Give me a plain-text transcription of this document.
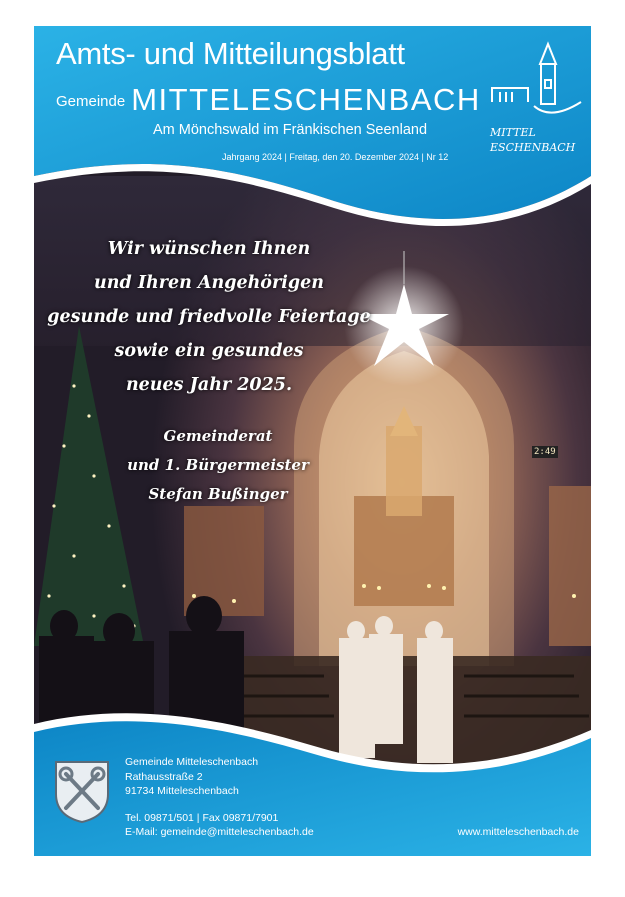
Amts- und Mitteilungsblatt
Gemeinde MITTELESCHENBACH
Am Mönchswald im Fränkischen Seenland
Jahrgang 2024 | Freitag, den 20. Dezember 2024 | Nr 12
MITTEL
ESCHENBACH
Wir wünschen Ihnen
und Ihren Angehörigen
gesunde und friedvolle Feiertage
sowie ein gesundes
neues Jahr 2025.
Gemeinderat
und 1. Bürgermeister
Stefan Bußinger
2:49
Gemeinde Mitteleschenbach
Rathausstraße 2
91734 Mitteleschenbach
Tel. 09871/501 | Fax 09871/7901
E-Mail: gemeinde@mitteleschenbach.de	www.mitteleschenbach.de
